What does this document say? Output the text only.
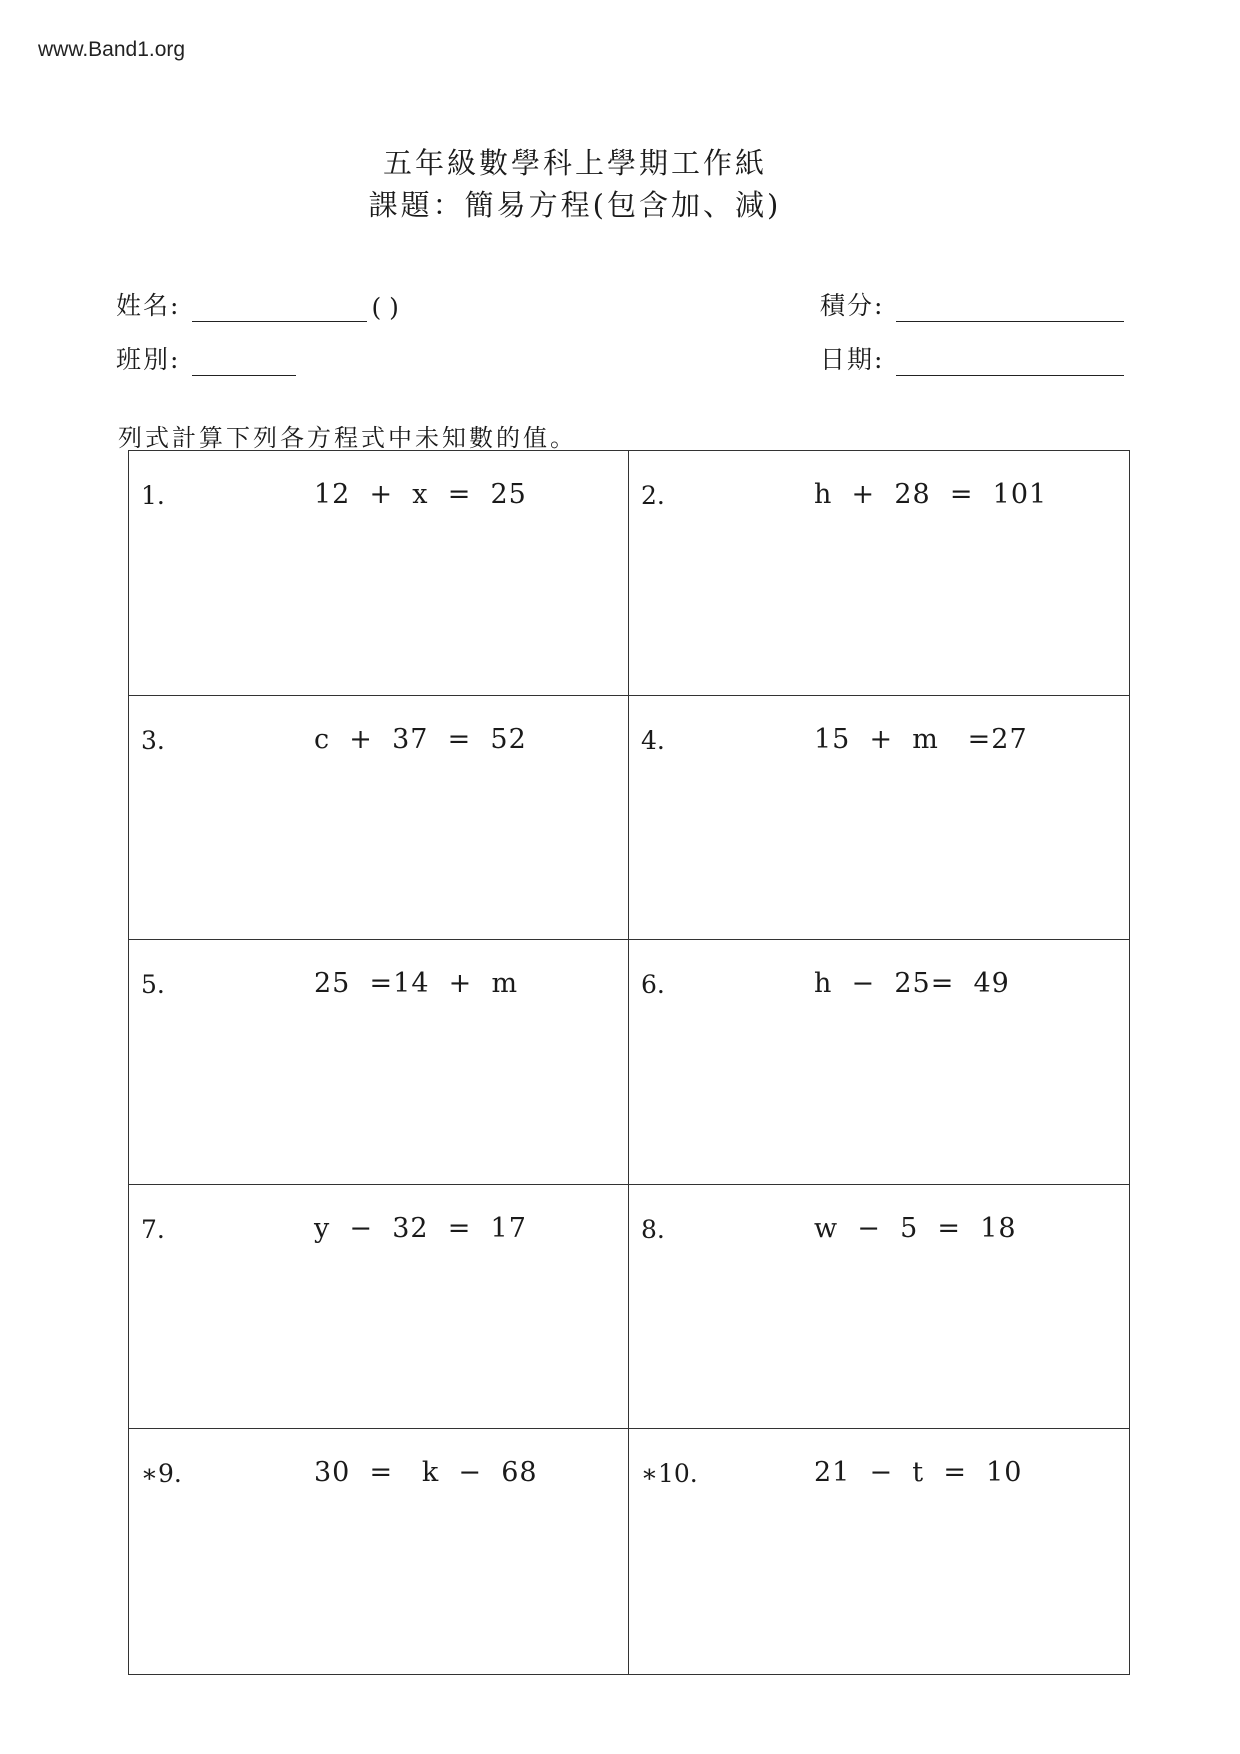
www.Band1.org
五年級數學科上學期工作紙
課題：簡易方程(包含加、減)
姓名:	( )
班別:
積分:
日期:
列式計算下列各方程式中未知數的值。
1.	12  +  x  =  25	2.	h  +  28  =  101
3.	c  +  37  =  52	4.	15  +  m   =27
5.	25  =14  +  m	6.	h  −  25=  49
7.	y  −  32  =  17	8.	w  −  5  =  18
∗9.	30  =   k  −  68	∗10.	21  −  t  =  10
